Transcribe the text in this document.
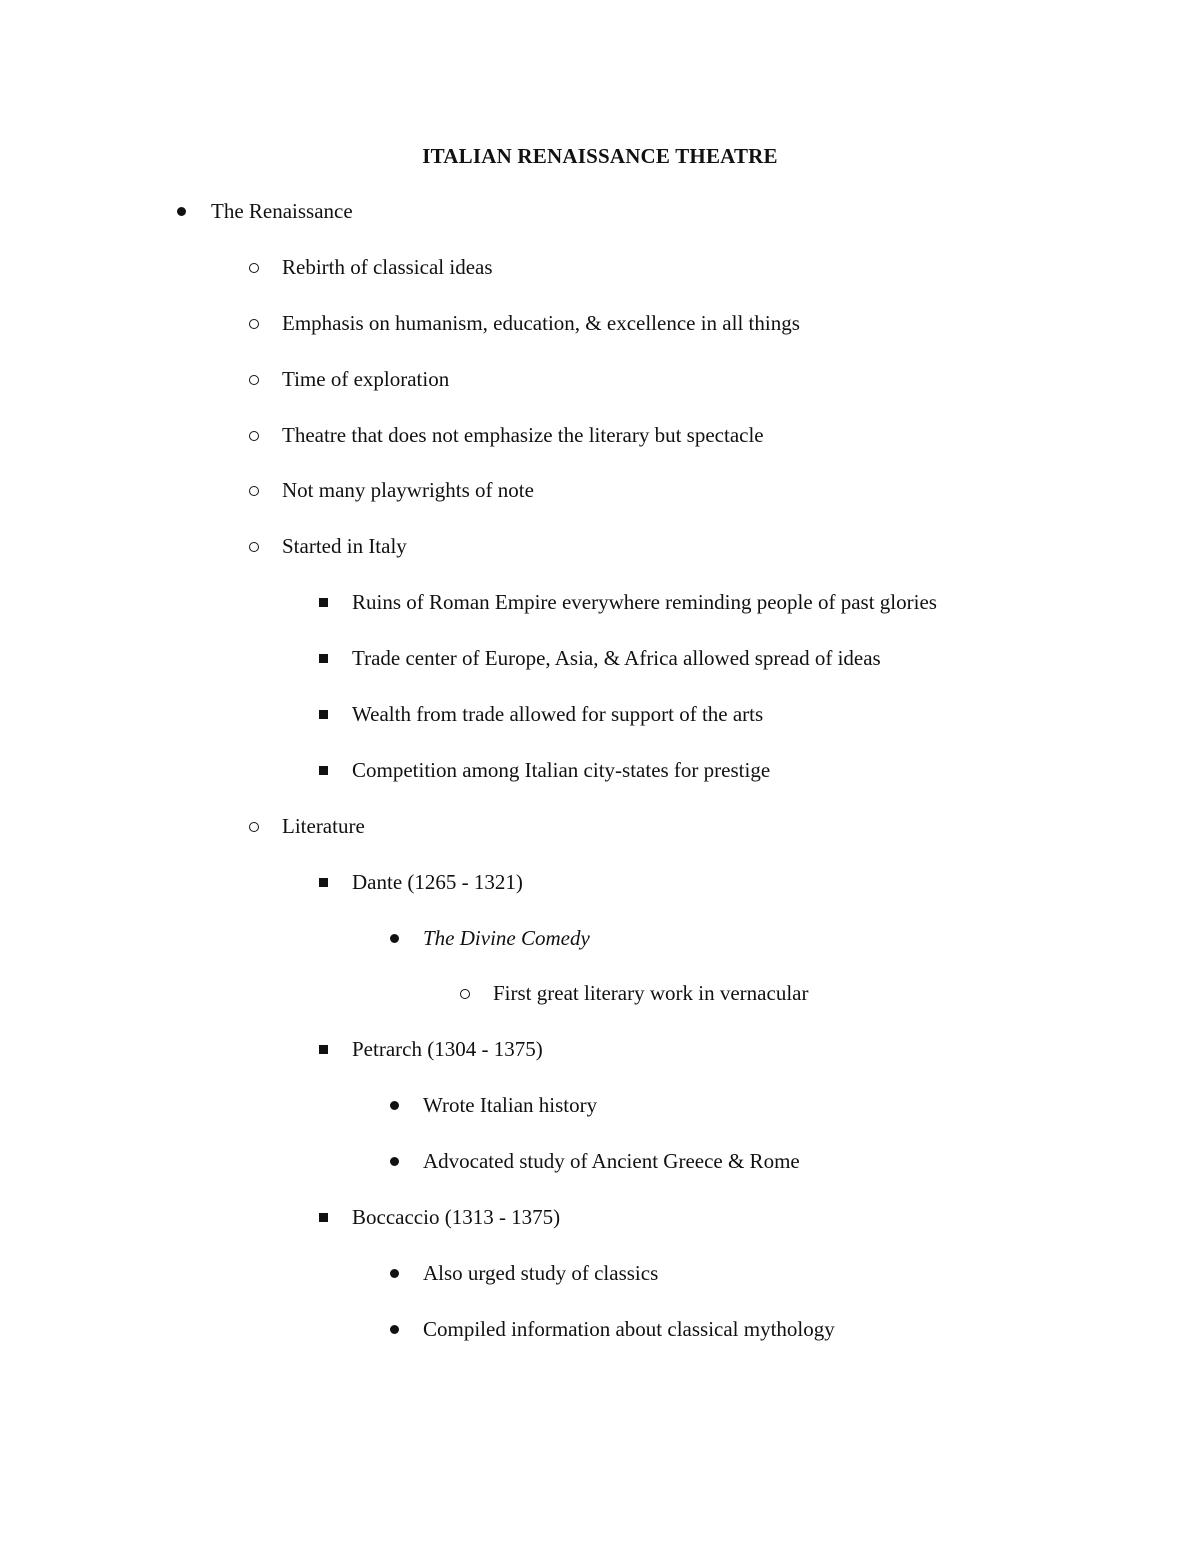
ITALIAN RENAISSANCE THEATRE
The Renaissance
Rebirth of classical ideas
Emphasis on humanism, education, & excellence in all things
Time of exploration
Theatre that does not emphasize the literary but spectacle
Not many playwrights of note
Started in Italy
Ruins of Roman Empire everywhere reminding people of past glories
Trade center of Europe, Asia, & Africa allowed spread of ideas
Wealth from trade allowed for support of the arts
Competition among Italian city-states for prestige
Literature
Dante (1265 - 1321)
The Divine Comedy
First great literary work in vernacular
Petrarch (1304 - 1375)
Wrote Italian history
Advocated study of Ancient Greece & Rome
Boccaccio (1313 - 1375)
Also urged study of classics
Compiled information about classical mythology
